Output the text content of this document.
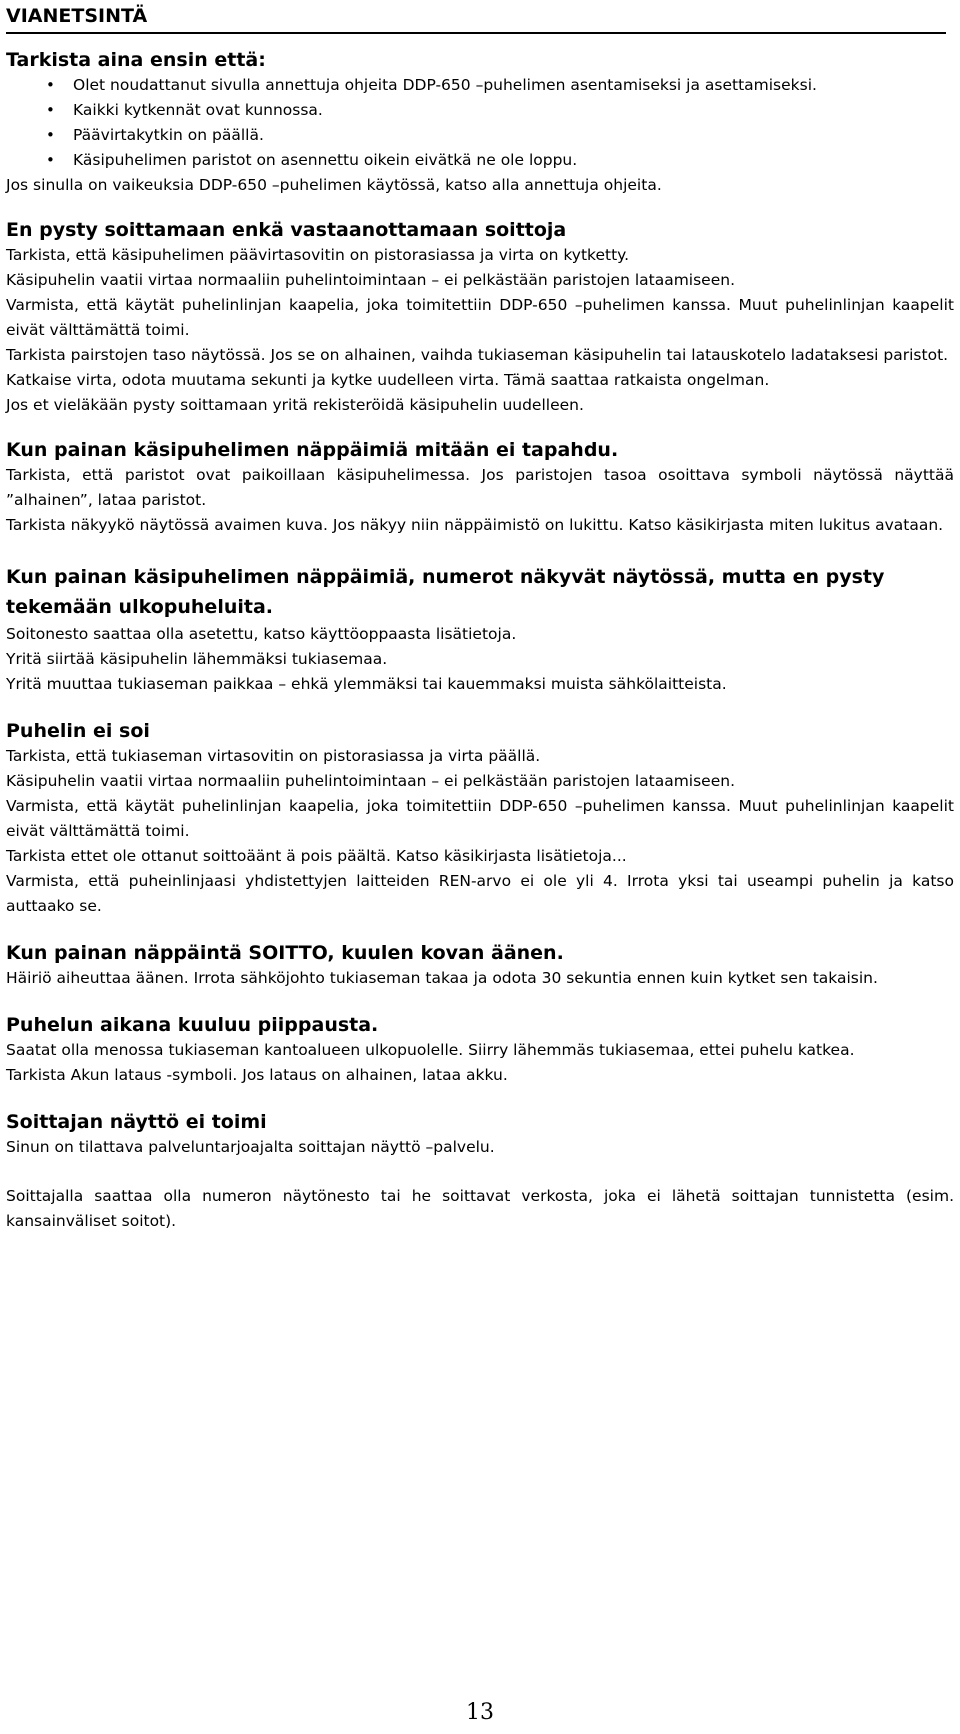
VIANETSINTÄ
Tarkista aina ensin että:
• Olet noudattanut sivulla annettuja ohjeita DDP-650 –puhelimen asentamiseksi ja asettamiseksi.
• Kaikki kytkennät ovat kunnossa.
• Päävirtakytkin on päällä.
• Käsipuhelimen paristot on asennettu oikein eivätkä ne ole loppu.

Jos sinulla on vaikeuksia DDP-650 –puhelimen käytössä, katso alla annettuja ohjeita.

En pysty soittamaan enkä vastaanottamaan soittoja

Tarkista, että käsipuhelimen päävirtasovitin on pistorasiassa ja virta on kytketty.

Käsipuhelin vaatii virtaa normaaliin puhelintoimintaan – ei pelkästään paristojen lataamiseen.

Varmista, että käytät puhelinlinjan kaapelia, joka toimitettiin DDP-650 –puhelimen kanssa. Muut puhelinlinjan kaapelit eivät välttämättä toimi.

Tarkista pairstojen taso näytössä. Jos se on alhainen, vaihda tukiaseman käsipuhelin tai latauskotelo ladataksesi paristot.

Katkaise virta, odota muutama sekunti ja kytke uudelleen virta. Tämä saattaa ratkaista ongelman.

Jos et vieläkään pysty soittamaan yritä rekisteröidä käsipuhelin uudelleen.

Kun painan käsipuhelimen näppäimiä mitään ei tapahdu.

Tarkista, että paristot ovat paikoillaan käsipuhelimessa. Jos paristojen tasoa osoittava symboli näytössä näyttää ”alhainen”, lataa paristot.

Tarkista näkyykö näytössä avaimen kuva. Jos näkyy niin näppäimistö on lukittu. Katso käsikirjasta miten lukitus avataan.

Kun painan käsipuhelimen näppäimiä, numerot näkyvät näytössä, mutta en pysty tekemään ulkopuheluita.

Soitonesto saattaa olla asetettu, katso käyttöoppaasta lisätietoja.

Yritä siirtää käsipuhelin lähemmäksi tukiasemaa.

Yritä muuttaa tukiaseman paikkaa – ehkä ylemmäksi tai kauemmaksi muista sähkölaitteista.

Puhelin ei soi

Tarkista, että tukiaseman virtasovitin on pistorasiassa ja virta päällä.

Käsipuhelin vaatii virtaa normaaliin puhelintoimintaan – ei pelkästään paristojen lataamiseen.

Varmista, että käytät puhelinlinjan kaapelia, joka toimitettiin DDP-650 –puhelimen kanssa. Muut puhelinlinjan kaapelit eivät välttämättä toimi.

Tarkista ettet ole ottanut soittoäänt ä pois päältä. Katso käsikirjasta lisätietoja...

Varmista, että puheinlinjaasi yhdistettyjen laitteiden REN-arvo ei ole yli 4. Irrota yksi tai useampi puhelin ja katso auttaako se.

Kun painan näppäintä SOITTO, kuulen kovan äänen.

Häiriö aiheuttaa äänen. Irrota sähköjohto tukiaseman takaa ja odota 30 sekuntia ennen kuin kytket sen takaisin.

Puhelun aikana kuuluu piippausta.

Saatat olla menossa tukiaseman kantoalueen ulkopuolelle. Siirry lähemmäs tukiasemaa, ettei puhelu katkea.

Tarkista Akun lataus -symboli. Jos lataus on alhainen, lataa akku.

Soittajan näyttö ei toimi

Sinun on tilattava palveluntarjoajalta soittajan näyttö –palvelu.

Soittajalla saattaa olla numeron näytönesto tai he soittavat verkosta, joka ei lähetä soittajan tunnistetta (esim. kansainväliset soitot).

13
